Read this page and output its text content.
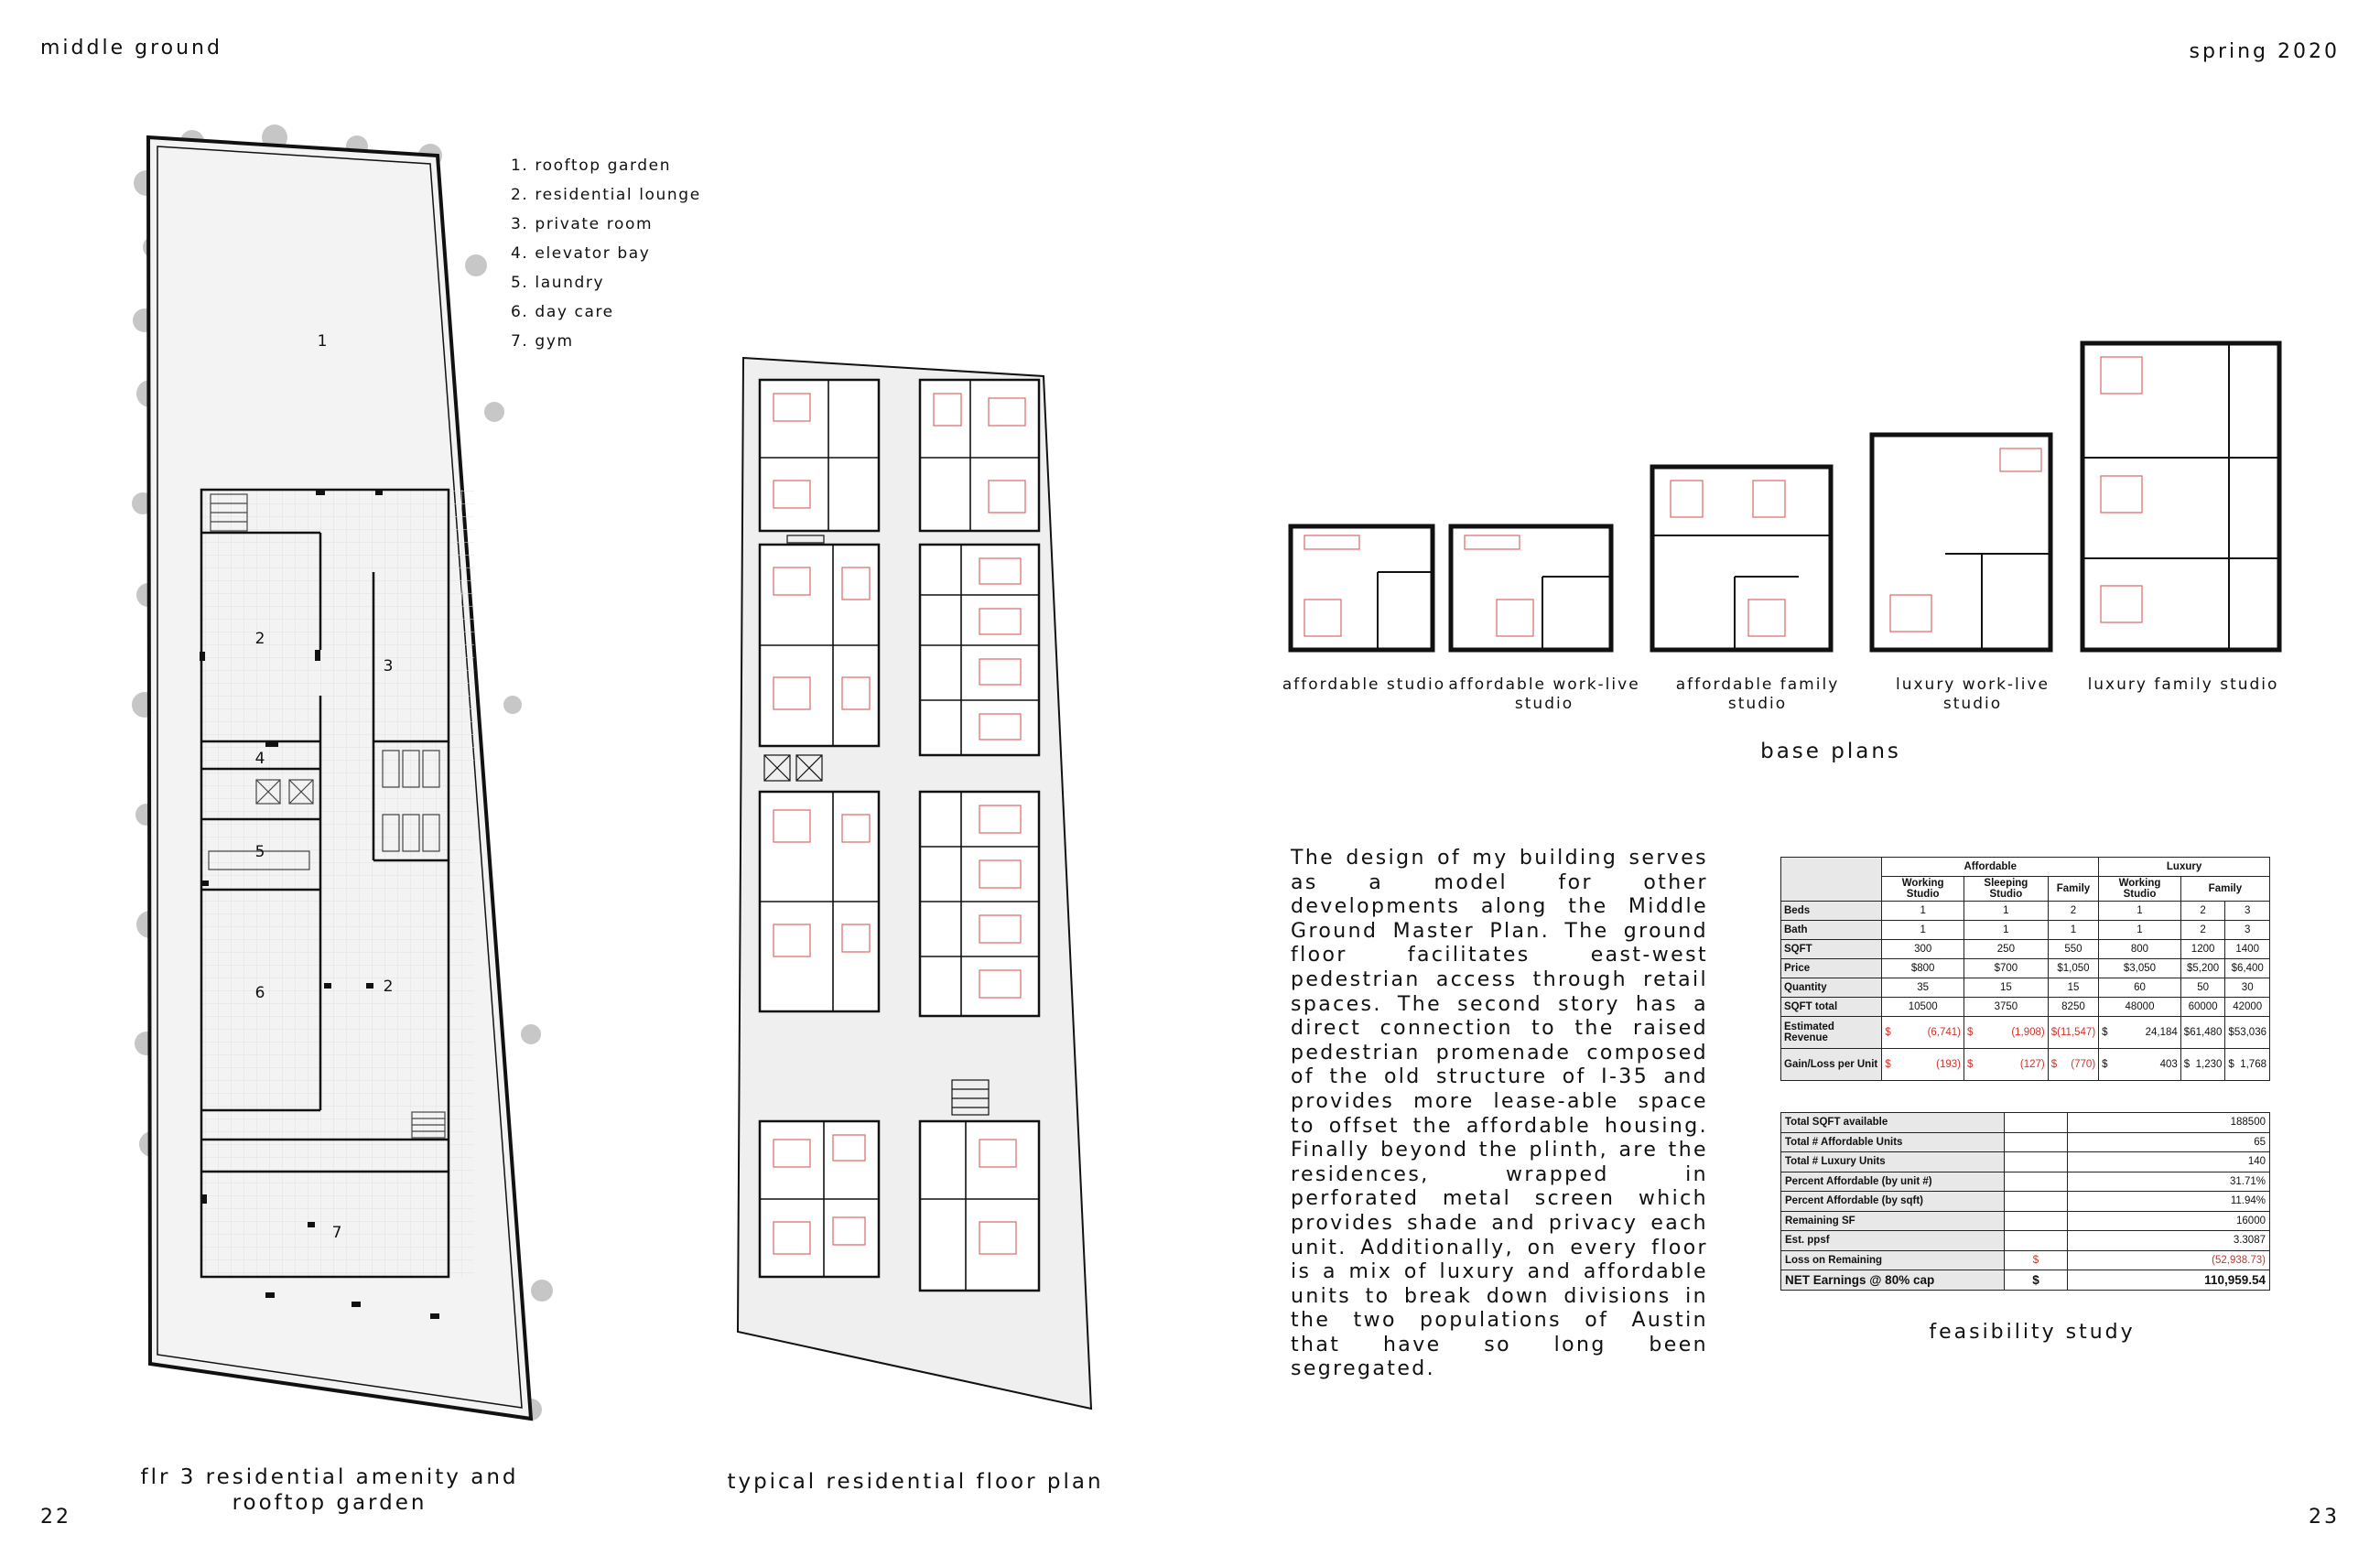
middle ground	spring 2020
22	23
1
2
3
4
5
6	2
7
1. rooftop garden
2. residential lounge
3. private room
4. elevator bay
5. laundry
6. day care
7. gym
flr 3 residential amenity and rooftop garden
typical residential floor plan
affordable studio affordable work-live studio
affordable family studio
luxury work-live studio
luxury family studio
base plans
The design of my building serves as a model for other developments along the Middle Ground Master Plan. The ground floor facilitates east-west pedestrian access through retail spaces. The second story has a direct connection to the raised pedestrian promenade composed of the old structure of I-35 and provides more lease-able space to offset the affordable housing. Finally beyond the plinth, are the residences, wrapped in perforated metal screen which provides shade and privacy each unit. Additionally, on every floor is a mix of luxury and affordable units to break down divisions in the two populations of Austin that have so long been segregated.
	Affordable			Luxury		
	Working Studio	Sleeping Studio	Family	Working Studio	Family	
Beds	1	1	2	1	2	3
Bath	1	1	1	1	2	3
SQFT	300	250	550	800	1200	1400
Price	$800	$700	$1,050	$3,050	$5,200	$6,400
Quantity	35	15	15	60	50	30
SQFT total	10500	3750	8250	48000	60000	42000
Estimated Revenue	$ (6,741)	$ (1,908)	$ (11,547)	$ 24,184	$ 61,480	$ 53,036

Gain/Loss per Unit	$ (193)	$ (127)	$ (770)	$ 403	$ 1,230	$ 1,768
Total SQFT available		188500
Total # Affordable Units		65
Total # Luxury Units		140
Percent Affordable (by unit #)		31.71%
Percent Affordable (by sqft)		11.94%
Remaining SF		16000
Est. ppsf		3.3087
Loss on Remaining	$	(52,938.73)
NET Earnings @ 80% cap	$	110,959.54
feasibility study
